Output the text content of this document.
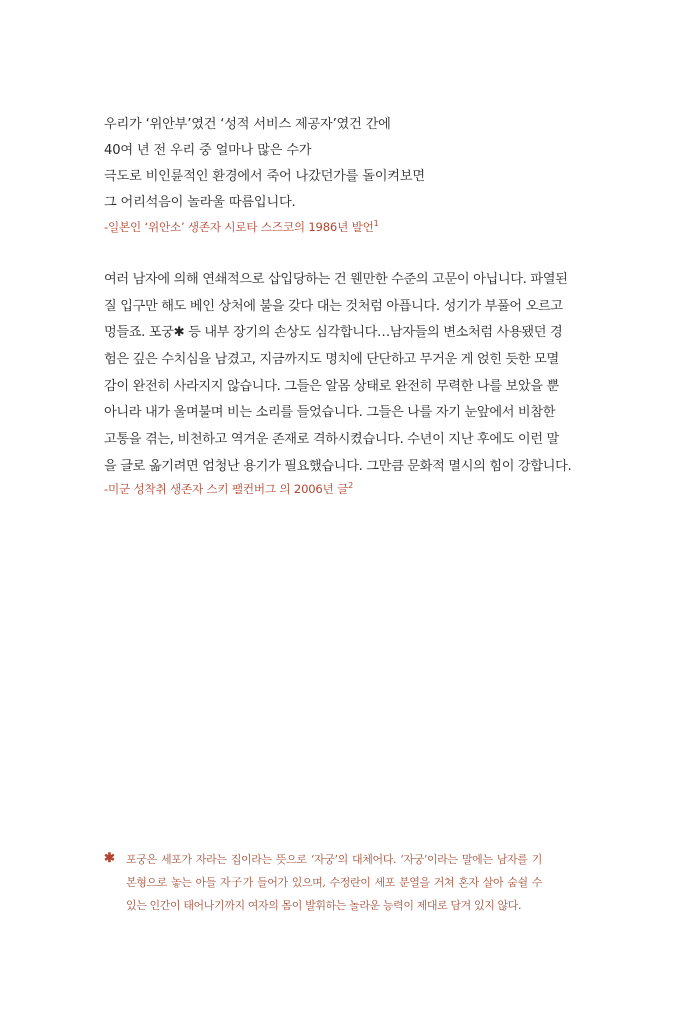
우리가 ‘위안부’였건 ‘성적 서비스 제공자’였건 간에
40여 년 전 우리 중 얼마나 많은 수가
극도로 비인륜적인 환경에서 죽어 나갔던가를 돌이켜보면
그 어리석음이 놀라울 따름입니다.
-일본인 ‘위안소’ 생존자 시로타 스즈코의 1986년 발언$^1$
여러 남자에 의해 연쇄적으로 삽입당하는 건 웬만한 수준의 고문이 아닙니다. 파열된
질 입구만 해도 베인 상처에 불을 갖다 대는 것처럼 아픕니다. 성기가 부풀어 오르고
멍들죠. 포궁✱ 등 내부 장기의 손상도 심각합니다…남자들의 변소처럼 사용됐던 경
험은 깊은 수치심을 남겼고, 지금까지도 명치에 단단하고 무거운 게 얹힌 듯한 모멸
감이 완전히 사라지지 않습니다. 그들은 알몸 상태로 완전히 무력한 나를 보았을 뿐
아니라 내가 울며불며 비는 소리를 들었습니다. 그들은 나를 자기 눈앞에서 비참한
고통을 겪는, 비천하고 역겨운 존재로 격하시켰습니다. 수년이 지난 후에도 이런 말
을 글로 옮기려면 엄청난 용기가 필요했습니다. 그만큼 문화적 멸시의 힘이 강합니다.
-미군 성착취 생존자 스키 팰컨버그 의 2006년 글$^2$
✱ 포궁은 세포가 자라는 집이라는 뜻으로 ‘자궁’의 대체어다. ‘자궁’이라는 말에는 남자를 기
본형으로 놓는 아들 자子가 들어가 있으며, 수정란이 세포 분열을 거쳐 혼자 살아 숨쉴 수
있는 인간이 태어나기까지 여자의 몸이 발휘하는 놀라운 능력이 제대로 담겨 있지 않다.
